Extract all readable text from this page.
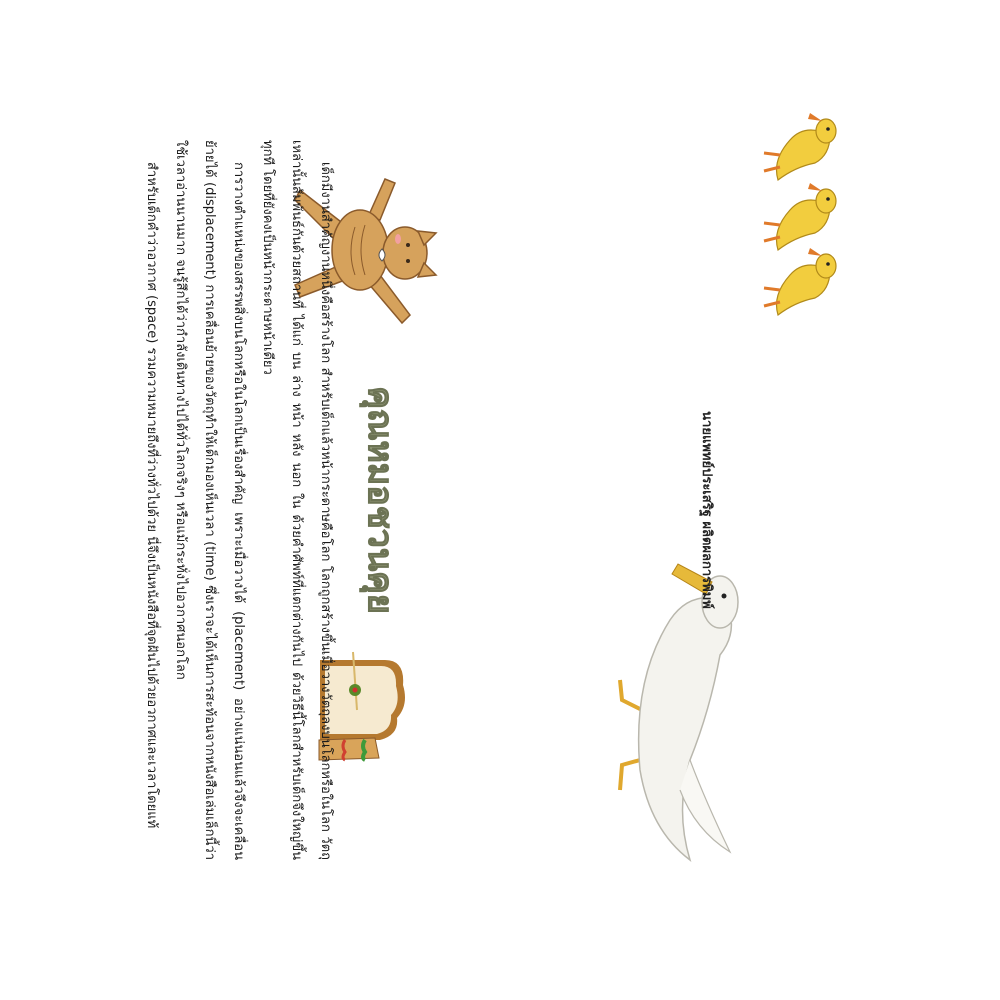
คุณหมอชวนคุย

เด็กมีงานสำคัญงานหนึ่งคือสร้างโลก สำหรับเด็กแล้วหน้ากระดาษคือโลก โลกถูกสร้างขึ้นเมื่อวางวัตถุลงบนโลกหรือในโลก วัตถุเหล่านั้นสัมพันธ์กันด้วยสถานที่ ได้แก่ บน ล่าง หน้า หลัง นอก ใน ด้วยคำศัพท์ที่แตกต่างกันไป ด้วยวิธีนี้โลกสำหรับเด็กจึงใหญ่ขึ้นทุกที โดยที่ยังคงเป็นหน้ากระดาษหน้าเดียว

การวางตำแหน่งของสรรพสิ่งบนโลกหรือในโลกเป็นเรื่องสำคัญ เพราะเมื่อวางได้ (placement) อย่างแน่นอนแล้วจึงจะเคลื่อนย้ายได้ (displacement) การเคลื่อนย้ายของวัตถุทำให้เด็กมองเห็นเวลา (time) ซึ่งเราจะได้เห็นการสะท้อนจากหนังสือเล่มเล็กนี้ว่าใช้เวลาอ่านนานมาก จนรู้สึกได้ว่ากำลังเดินทางไปได้ทั่วโลกจริงๆ หรือแม้กระทั่งไปอวกาศนอกโลก

สำหรับเด็กคำว่าอวกาศ (space) รวมความหมายถึงที่ว่างทั่วไปด้วย นี่จึงเป็นหนังสือที่จุดฝันไปด้วยอวกาศและเวลาโดยแท้	นายแพทย์ประเสริฐ ผลิตผลการพิมพ์
